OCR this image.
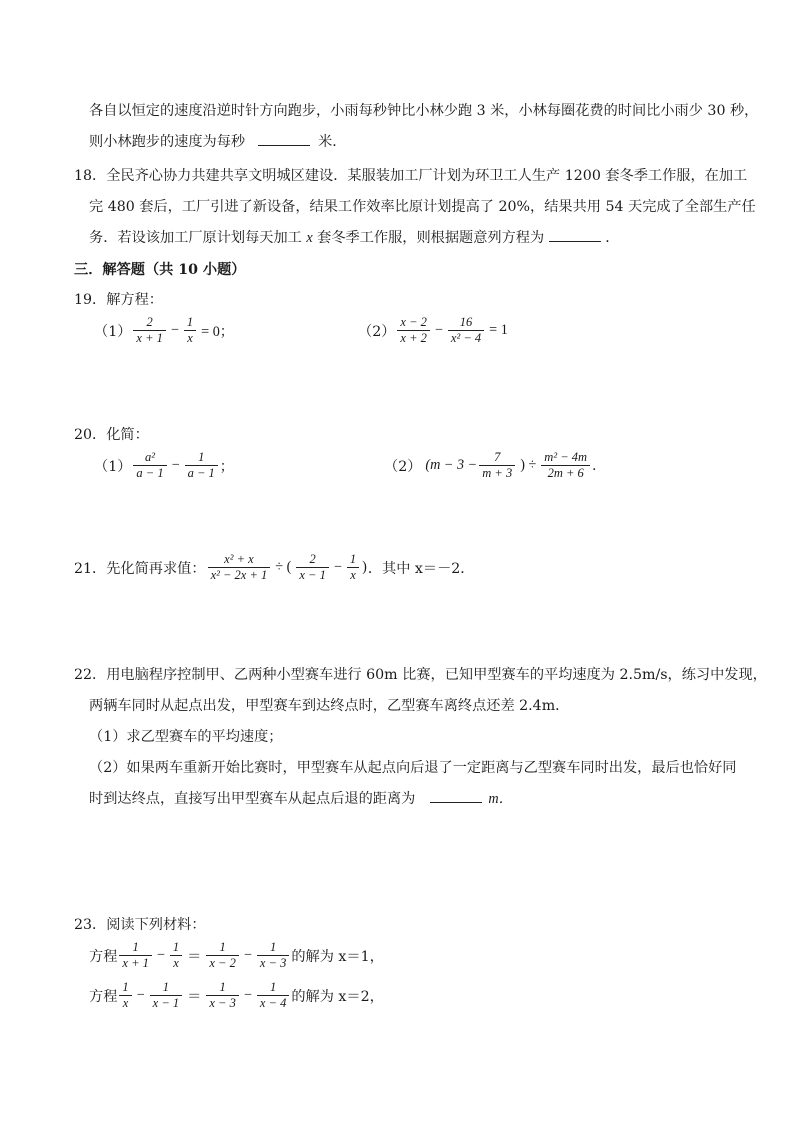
各自以恒定的速度沿逆时针方向跑步，小雨每秒钟比小林少跑 3 米，小林每圈花费的时间比小雨少 30 秒，
则小林跑步的速度为每秒	米．
18．全民齐心协力共建共享文明城区建设．某服装加工厂计划为环卫工人生产 1200 套冬季工作服，在加工
完 480 套后，工厂引进了新设备，结果工作效率比原计划提高了 20%，结果共用 54 天完成了全部生产任
务．若设该加工厂原计划每天加工 x 套冬季工作服，则根据题意列方程为	．
三．解答题（共 10 小题）
19．解方程：
$(1) \frac{2}{x + 1} - \frac{1}{x} = 0$；	$(2) \frac{x - 2}{x + 2} - \frac{16}{\text{x² − 4}} = 1$
20．化简：
$(1) \frac{\text{a²}}{a - 1} - \frac{1}{a - 1}$ ；	（2） ($m - 3 - \frac{7}{m + 3}$ ) ÷ $\frac{\text{m² − 4m}}{2m + 6}$ .
21．先化简再求值： $\frac{\text{x² + x}}{\text{x² − 2x + 1}}$ ÷ ( $\frac{2}{x - 1} - \frac{1}{x}$ ) ．其中 x＝－2．
22．用电脑程序控制甲、乙两种小型赛车进行 60m 比赛，已知甲型赛车的平均速度为 2.5m/s，练习中发现，
两辆车同时从起点出发，甲型赛车到达终点时，乙型赛车离终点还差 2.4m．
（1）求乙型赛车的平均速度；
（2）如果两车重新开始比赛时，甲型赛车从起点向后退了一定距离与乙型赛车同时出发，最后也恰好同
时到达终点，直接写出甲型赛车从起点后退的距离为	m．
23．阅读下列材料：
方程 $\frac{1}{x + 1} - \frac{1}{x} = \frac{1}{x - 2} - \frac{1}{x - 3}$ 的解为 x＝1，
方程 $\frac{1}{x} - \frac{1}{x - 1} = \frac{1}{x - 3} - \frac{1}{x - 4}$ 的解为 x＝2，
